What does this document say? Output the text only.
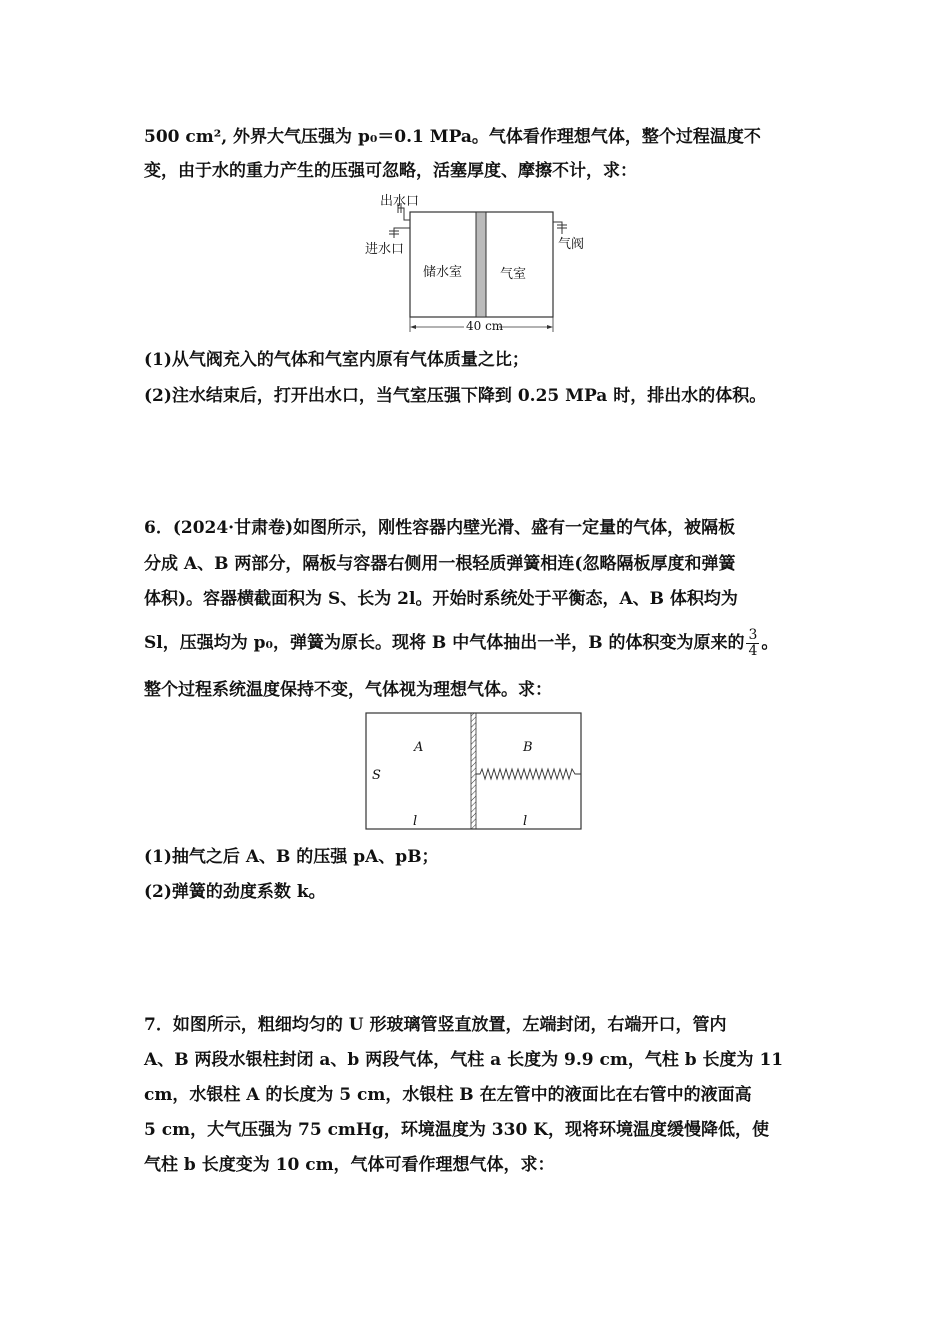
500 cm², 外界大气压强为 p₀＝0.1 MPa。气体看作理想气体，整个过程温度不
变，由于水的重力产生的压强可忽略，活塞厚度、摩擦不计，求：
出水口
进水口	气阀
储水室	气室
40 cm
(1)从气阀充入的气体和气室内原有气体质量之比；
(2)注水结束后，打开出水口，当气室压强下降到 0.25 MPa 时，排出水的体积。
6．(2024·甘肃卷)如图所示，刚性容器内壁光滑、盛有一定量的气体，被隔板
分成 A、B 两部分，隔板与容器右侧用一根轻质弹簧相连(忽略隔板厚度和弹簧
体积)。容器横截面积为 S、长为 2l。开始时系统处于平衡态，A、B 体积均为
Sl，压强均为 p₀，弹簧为原长。现将 B 中气体抽出一半，B 的体积变为原来的 $\frac{3}{4}$ 。
整个过程系统温度保持不变，气体视为理想气体。求：
A	B
S
l	l
(1)抽气之后 A、B 的压强 pA、pB；
(2)弹簧的劲度系数 k。
7．如图所示，粗细均匀的 U 形玻璃管竖直放置，左端封闭，右端开口，管内
A、B 两段水银柱封闭 a、b 两段气体，气柱 a 长度为 9.9 cm，气柱 b 长度为 11
cm，水银柱 A 的长度为 5 cm，水银柱 B 在左管中的液面比在右管中的液面高
5 cm，大气压强为 75 cmHg，环境温度为 330 K，现将环境温度缓慢降低，使
气柱 b 长度变为 10 cm，气体可看作理想气体，求：
